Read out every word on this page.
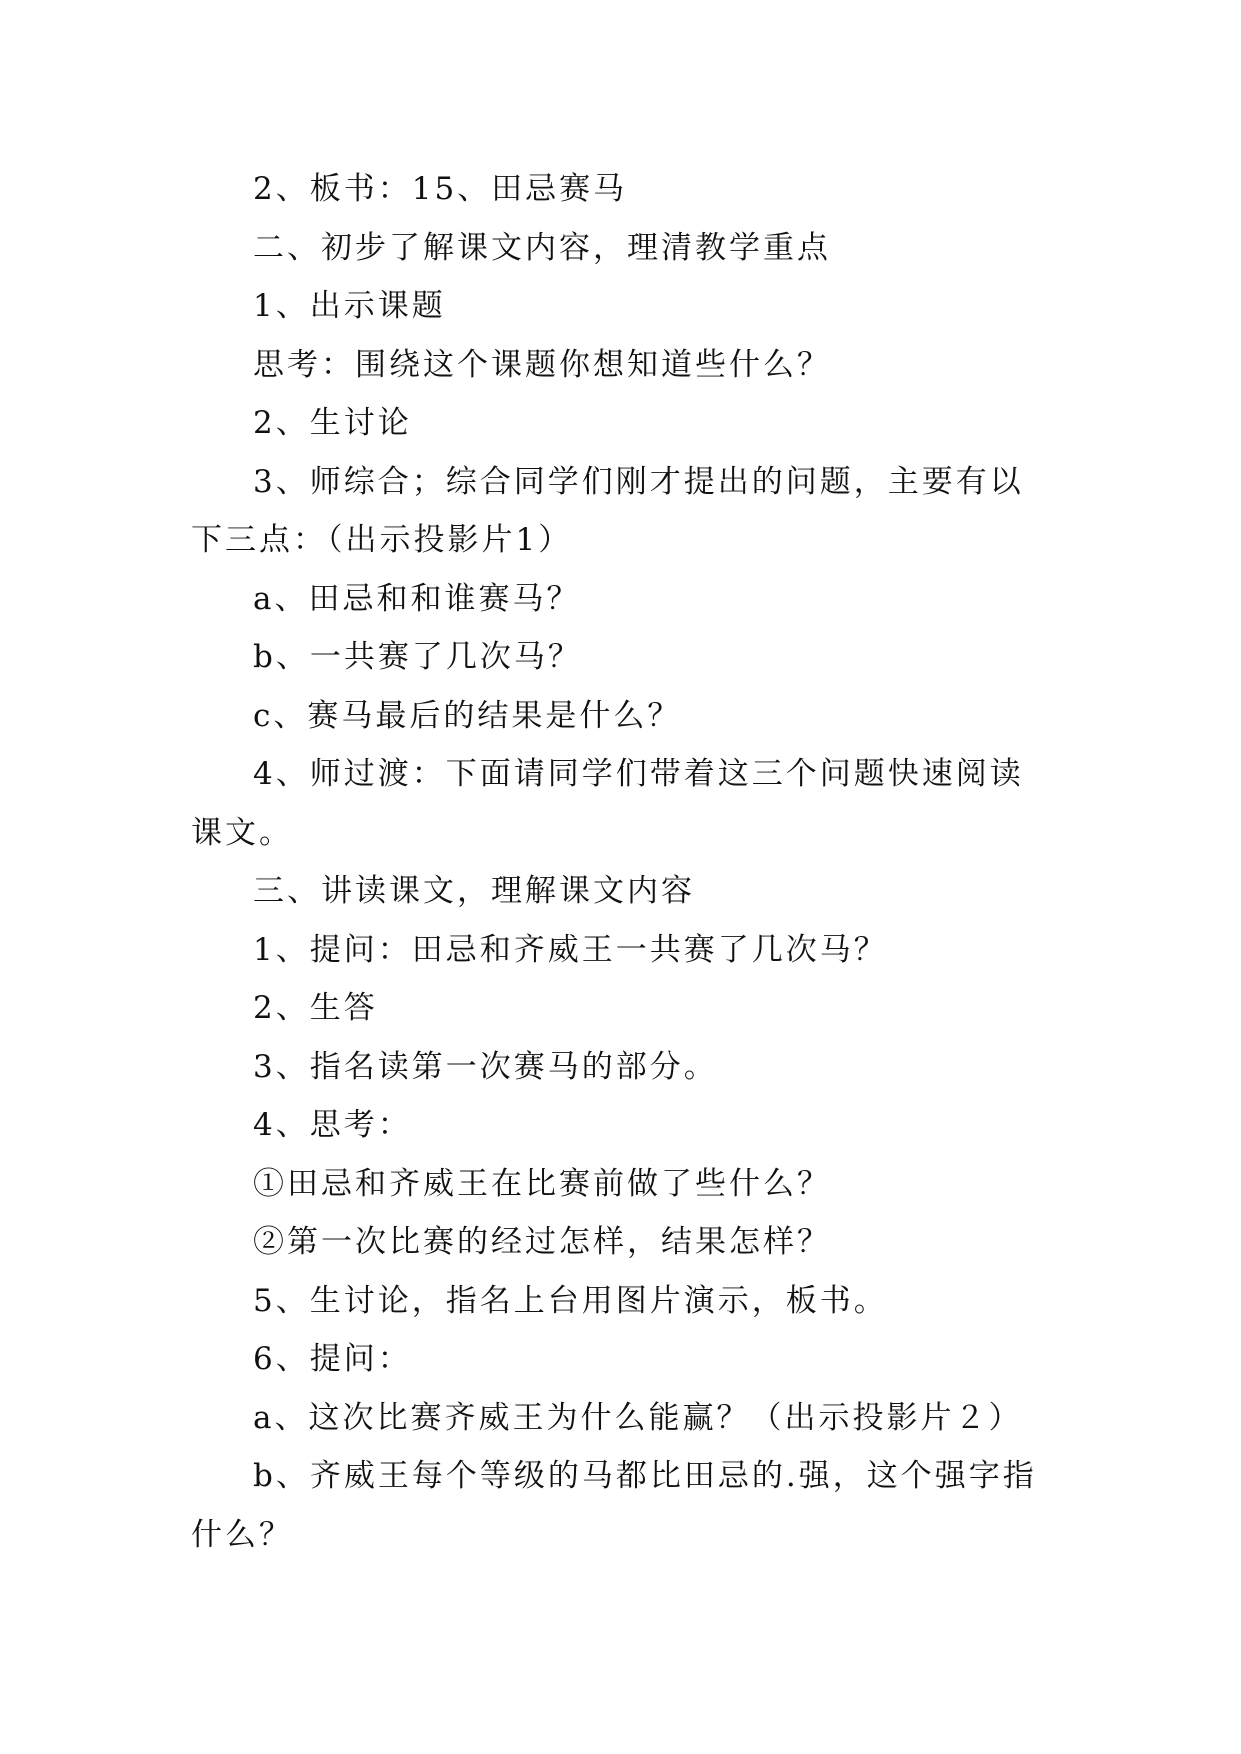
2、板书：15、田忌赛马

二、初步了解课文内容，理清教学重点

1、出示课题

思考：围绕这个课题你想知道些什么？

2、生讨论

3、师综合；综合同学们刚才提出的问题，主要有以下三点：（出示投影片1）

a、田忌和和谁赛马？

b、一共赛了几次马？

c、赛马最后的结果是什么？

4、师过渡：下面请同学们带着这三个问题快速阅读课文。

三、讲读课文，理解课文内容

1、提问：田忌和齐威王一共赛了几次马？

2、生答

3、指名读第一次赛马的部分。

4、思考：

①田忌和齐威王在比赛前做了些什么？

②第一次比赛的经过怎样，结果怎样？

5、生讨论，指名上台用图片演示，板书。

6、提问：

a、这次比赛齐威王为什么能赢？（出示投影片２）

b、齐威王每个等级的马都比田忌的.强，这个强字指什么？
